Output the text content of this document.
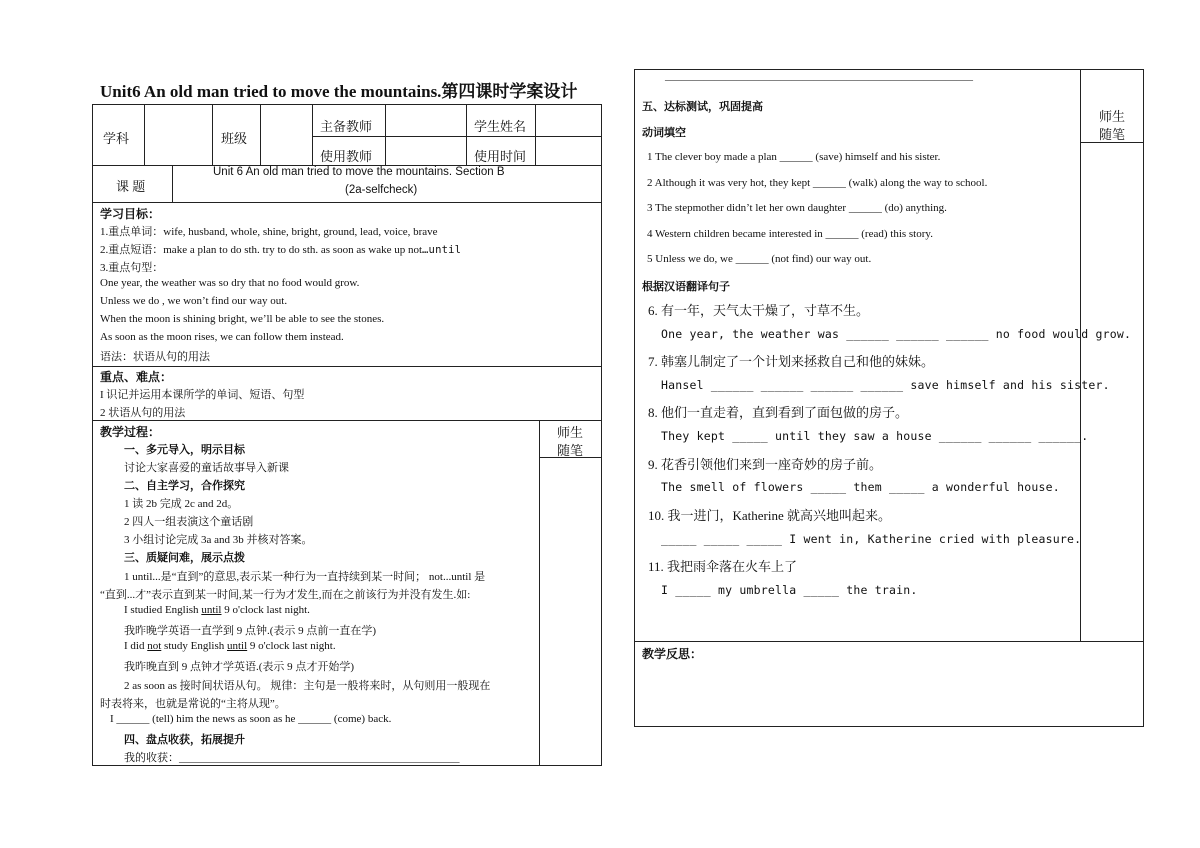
Unit6 An old man tried to move the mountains.第四课时学案设计
学科	班级
主备教师	学生姓名
使用教师	使用时间
课 题
Unit 6 An old man tried to move the mountains. Section B
(2a-selfcheck)
学习目标：
1.重点单词：wife, husband, whole, shine, bright, ground, lead, voice, brave
2.重点短语：make a plan to do sth. try to do sth. as soon as wake up not…until
3.重点句型：
One year, the weather was so dry that no food would grow.
Unless we do , we won’t find our way out.
When the moon is shining bright, we’ll be able to see the stones.
As soon as the moon rises, we can follow them instead.
语法：状语从句的用法
重点、难点：
I 识记并运用本课所学的单词、短语、句型
2 状语从句的用法
教学过程：	师生
随笔
一、多元导入，明示目标
讨论大家喜爱的童话故事导入新课
二、自主学习，合作探究
1 读 2b 完成 2c and 2d。
2 四人一组表演这个童话剧
3 小组讨论完成 3a and 3b 并核对答案。
三、质疑问难，展示点拨
1 until...是“直到”的意思,表示某一种行为一直持续到某一时间； not...until 是
“直到...才”表示直到某一时间,某一行为才发生,而在之前该行为并没有发生.如:
I studied English until 9 o'clock last night.
我昨晚学英语一直学到 9 点钟.(表示 9 点前一直在学)
I did not study English until 9 o'clock last night.
我昨晚直到 9 点钟才学英语.(表示 9 点才开始学)
2 as soon as 接时间状语从句。 规律：主句是一般将来时，从句则用一般现在
时表将来，也就是常说的“主将从现”。
I ______ (tell) him the news as soon as he ______ (come) back.
四、盘点收获，拓展提升
我的收获：___________________________________________________
________________________________________________________
师生
随笔
五、达标测试，巩固提高
动词填空
1 The clever boy made a plan ______ (save) himself and his sister.
2 Although it was very hot, they kept ______ (walk) along the way to school.
3 The stepmother didn’t let her own daughter ______ (do) anything.
4 Western children became interested in ______ (read) this story.
5 Unless we do, we ______ (not find) our way out.
根据汉语翻译句子
6. 有一年，天气太干燥了，寸草不生。
One year, the weather was ______ ______ ______ no food would grow.
7. 韩塞儿制定了一个计划来拯救自己和他的妹妹。
Hansel ______ ______ ______ ______ save himself and his sister.
8. 他们一直走着，直到看到了面包做的房子。
They kept _____ until they saw a house ______ ______ ______.
9. 花香引领他们来到一座奇妙的房子前。
The smell of flowers _____ them _____ a wonderful house.
10. 我一进门，Katherine 就高兴地叫起来。
_____ _____ _____ I went in, Katherine cried with pleasure.
11. 我把雨伞落在火车上了
I _____ my umbrella _____ the train.
教学反思：
